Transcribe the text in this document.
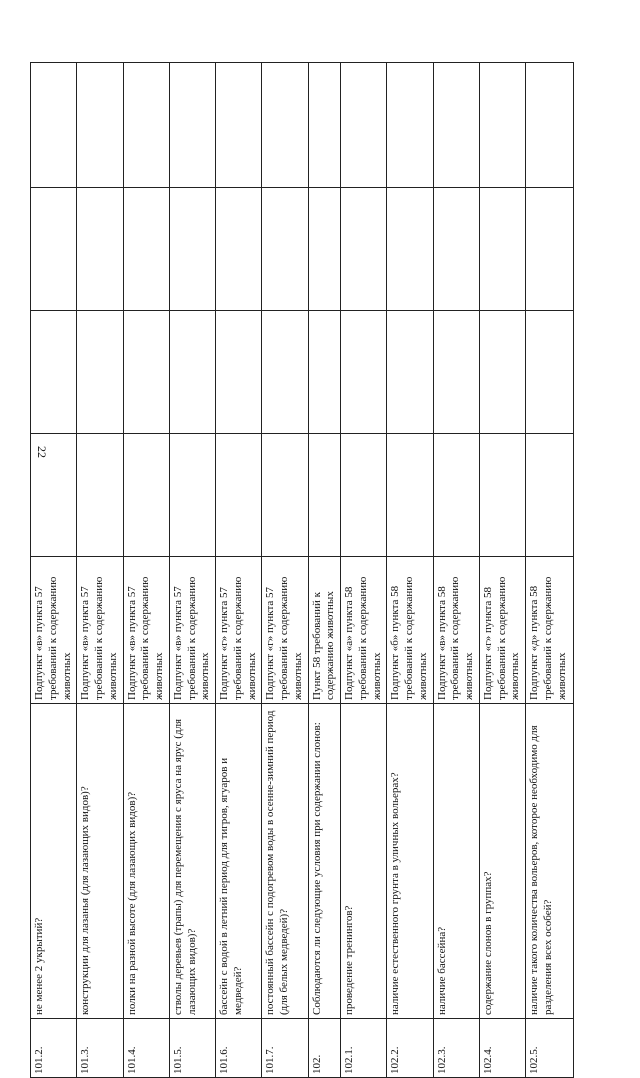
22
101.2.	не менее 2 укрытий?	Подпункт «в» пункта 57 требований к содержанию животных				
101.3.	конструкции для лазанья (для лазающих видов)?	Подпункт «в» пункта 57 требований к содержанию животных				
101.4.	полки на разной высоте (для лазающих видов)?	Подпункт «в» пункта 57 требований к содержанию животных				
101.5.	стволы деревьев (трапы) для перемещения с яруса на ярус (для лазающих видов)?	Подпункт «в» пункта 57 требований к содержанию животных				
101.6.	бассейн с водой в летний период для тигров, ягуаров и медведей?	Подпункт «г» пункта 57 требований к содержанию животных				
101.7.	постоянный бассейн с подогревом воды в осенне-зимний период (для белых медведей)?	Подпункт «г» пункта 57 требований к содержанию животных				
102.	Соблюдаются ли следующие условия при содержании слонов:	Пункт 58 требований к содержанию животных				
102.1.	проведение тренингов?	Подпункт «а» пункта 58 требований к содержанию животных				
102.2.	наличие естественного грунта в уличных вольерах?	Подпункт «б» пункта 58 требований к содержанию животных				
102.3.	наличие бассейна?	Подпункт «в» пункта 58 требований к содержанию животных				
102.4.	содержание слонов в группах?	Подпункт «г» пункта 58 требований к содержанию животных				
102.5.	наличие такого количества вольеров, которое необходимо для разделения всех особей?	Подпункт «д» пункта 58 требований к содержанию животных				
